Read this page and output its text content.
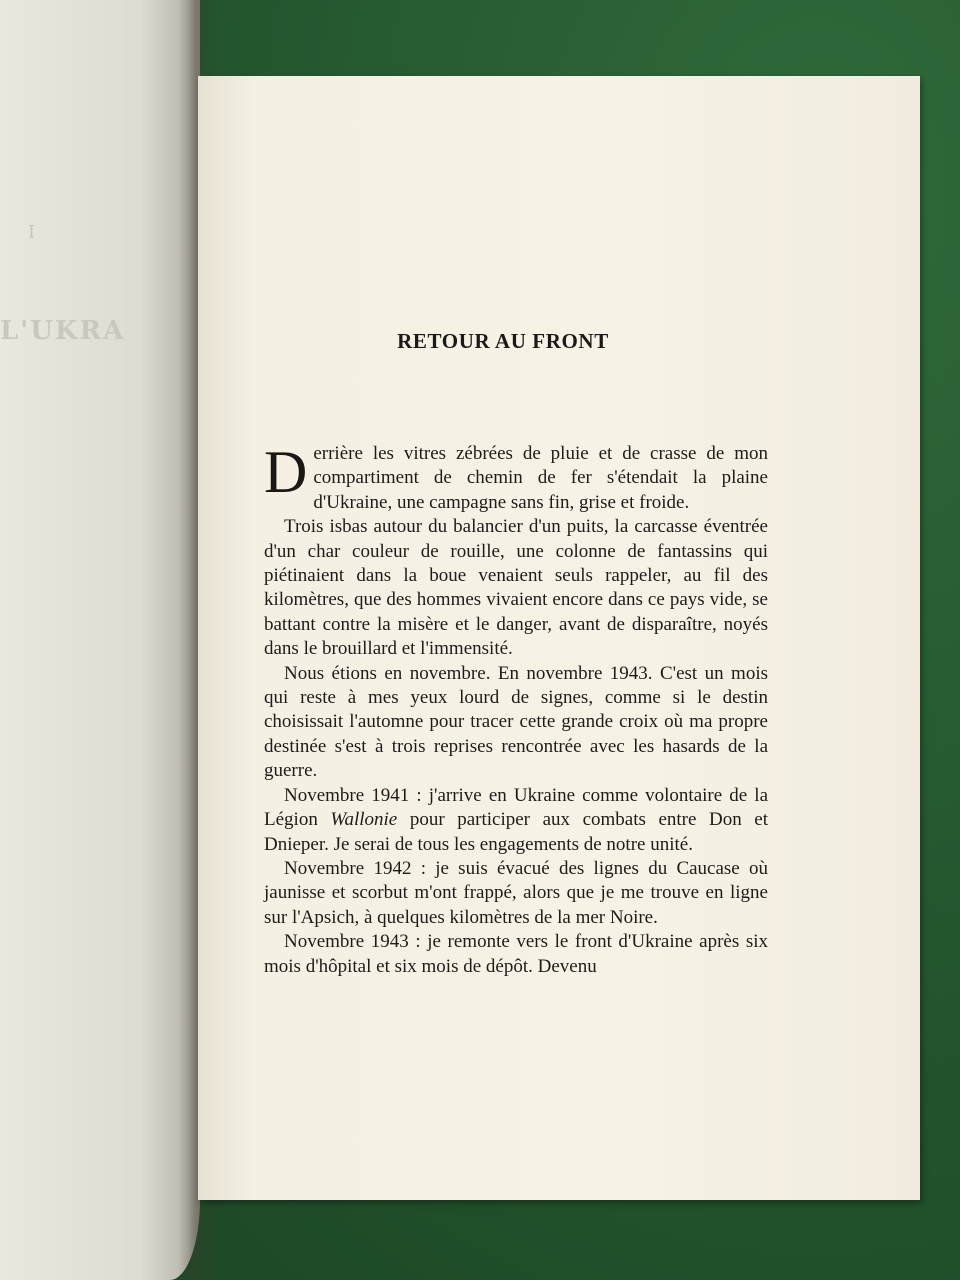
I
L'UKRA	RETOUR AU FRONT

Derrière les vitres zébrées de pluie et de crasse de mon compartiment de chemin de fer s'étendait la plaine d'Ukraine, une campagne sans fin, grise et froide.

Trois isbas autour du balancier d'un puits, la carcasse éventrée d'un char couleur de rouille, une colonne de fantassins qui piétinaient dans la boue venaient seuls rappeler, au fil des kilomètres, que des hommes vivaient encore dans ce pays vide, se battant contre la misère et le danger, avant de disparaître, noyés dans le brouillard et l'immensité.

Nous étions en novembre. En novembre 1943. C'est un mois qui reste à mes yeux lourd de signes, comme si le destin choisissait l'automne pour tracer cette grande croix où ma propre destinée s'est à trois reprises rencontrée avec les hasards de la guerre.

Novembre 1941 : j'arrive en Ukraine comme volontaire de la Légion Wallonie pour participer aux combats entre Don et Dnieper. Je serai de tous les engagements de notre unité.

Novembre 1942 : je suis évacué des lignes du Caucase où jaunisse et scorbut m'ont frappé, alors que je me trouve en ligne sur l'Apsich, à quelques kilomètres de la mer Noire.

Novembre 1943 : je remonte vers le front d'Ukraine après six mois d'hôpital et six mois de dépôt. Devenu
